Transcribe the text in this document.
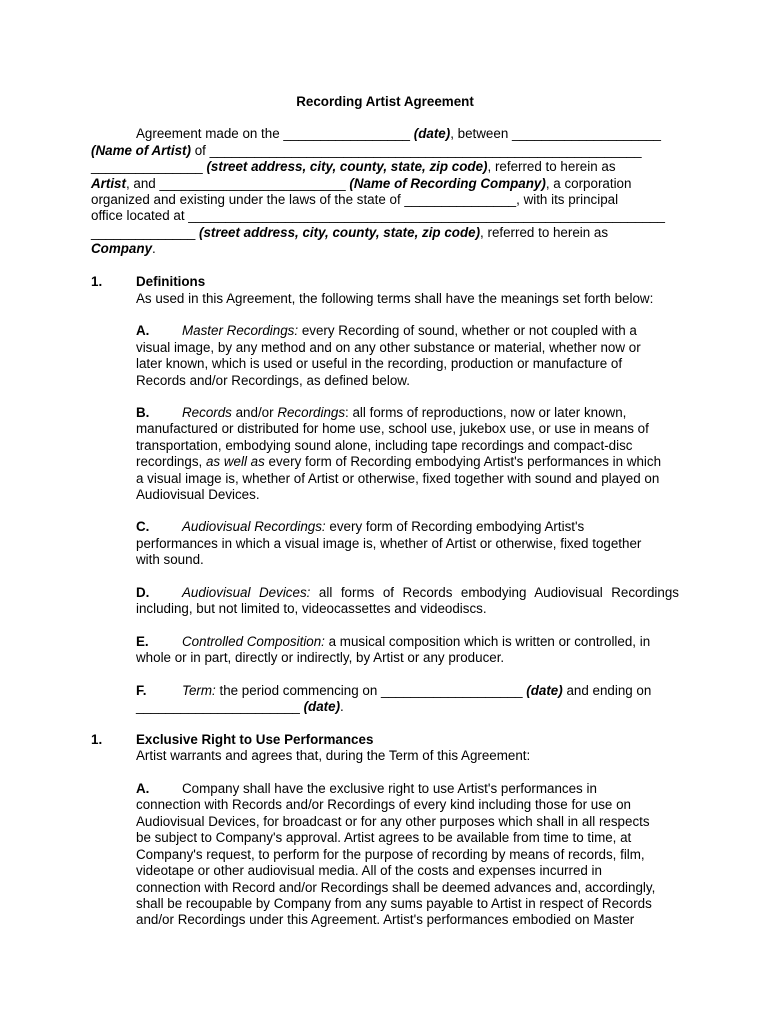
Recording Artist Agreement
Agreement made on the _________________ (date), between ____________________
(Name of Artist) of __________________________________________________________
_______________ (street address, city, county, state, zip code), referred to herein as
Artist, and _________________________ (Name of Recording Company), a corporation
organized and existing under the laws of the state of _______________, with its principal
office located at ________________________________________________________________
______________ (street address, city, county, state, zip code), referred to herein as
Company.
1.	Definitions
As used in this Agreement, the following terms shall have the meanings set forth below:
A. Master Recordings: every Recording of sound, whether or not coupled with a
visual image, by any method and on any other substance or material, whether now or
later known, which is used or useful in the recording, production or manufacture of
Records and/or Recordings, as defined below.
B. Records and/or Recordings: all forms of reproductions, now or later known,
manufactured or distributed for home use, school use, jukebox use, or use in means of
transportation, embodying sound alone, including tape recordings and compact-disc
recordings, as well as every form of Recording embodying Artist's performances in which
a visual image is, whether of Artist or otherwise, fixed together with sound and played on
Audiovisual Devices.
C. Audiovisual Recordings: every form of Recording embodying Artist's
performances in which a visual image is, whether of Artist or otherwise, fixed together
with sound.
D. Audiovisual Devices: all forms of Records embodying Audiovisual Recordings
including, but not limited to, videocassettes and videodiscs.
E. Controlled Composition: a musical composition which is written or controlled, in
whole or in part, directly or indirectly, by Artist or any producer.
F.	Term: the period commencing on ___________________ (date) and ending on
______________________ (date).
1.	Exclusive Right to Use Performances
Artist warrants and agrees that, during the Term of this Agreement:
A. Company shall have the exclusive right to use Artist's performances in
connection with Records and/or Recordings of every kind including those for use on
Audiovisual Devices, for broadcast or for any other purposes which shall in all respects
be subject to Company's approval. Artist agrees to be available from time to time, at
Company's request, to perform for the purpose of recording by means of records, film,
videotape or other audiovisual media. All of the costs and expenses incurred in
connection with Record and/or Recordings shall be deemed advances and, accordingly,
shall be recoupable by Company from any sums payable to Artist in respect of Records
and/or Recordings under this Agreement. Artist's performances embodied on Master
